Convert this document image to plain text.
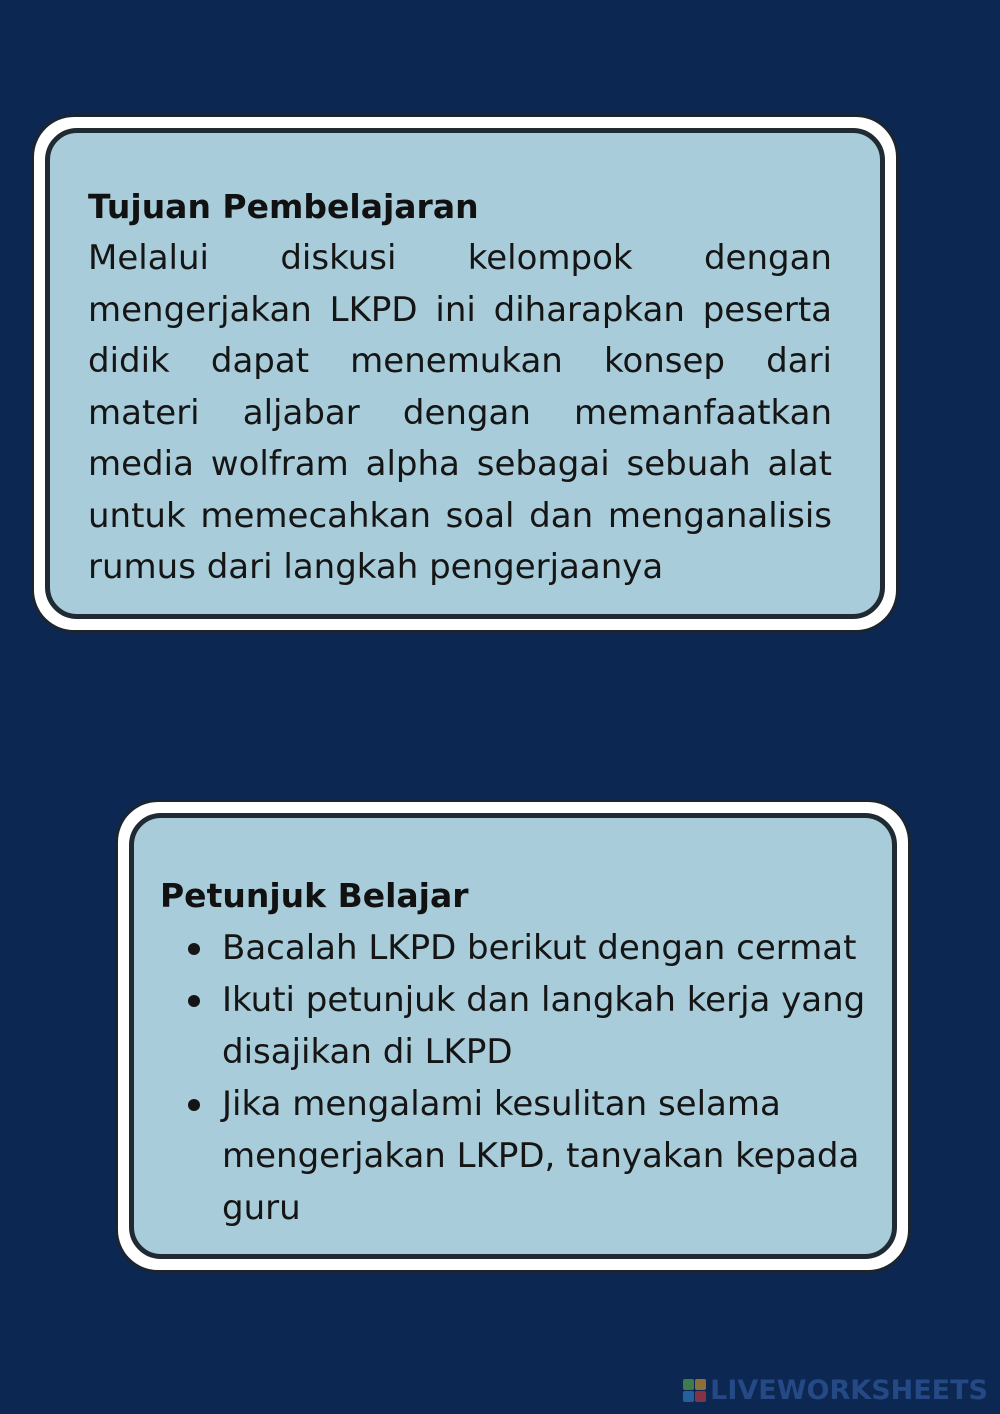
Tujuan Pembelajaran

Melalui diskusi kelompok dengan mengerjakan LKPD ini diharapkan peserta didik dapat menemukan konsep dari materi aljabar dengan memanfaatkan media wolfram alpha sebagai sebuah alat untuk memecahkan soal dan menganalisis rumus dari langkah pengerjaanya

Petunjuk Belajar
Bacalah LKPD berikut dengan cermat
Ikuti petunjuk dan langkah kerja yang disajikan di LKPD
Jika mengalami kesulitan selama mengerjakan LKPD, tanyakan kepada guru
LIVEWORKSHEETS
